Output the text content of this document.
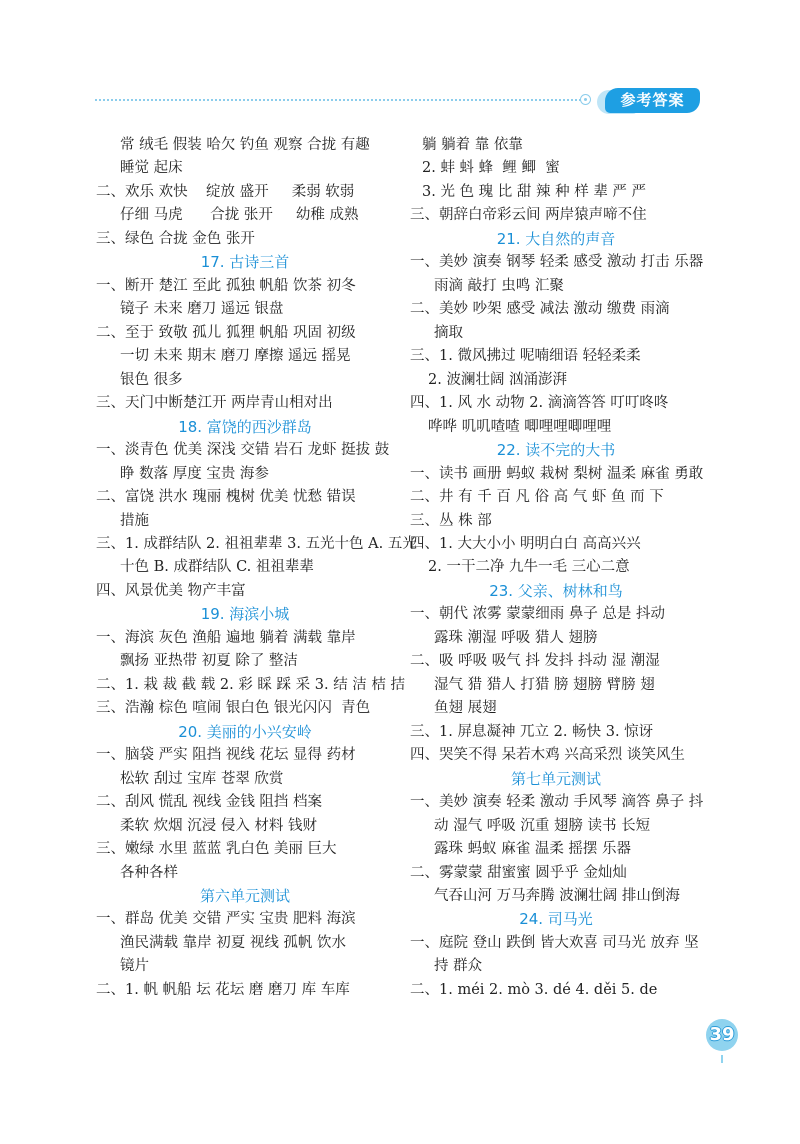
参考答案
常 绒毛 假装 哈欠 钓鱼 观察 合拢 有趣
睡觉 起床
二、欢乐 欢快    绽放 盛开     柔弱 软弱
仔细 马虎      合拢 张开     幼稚 成熟
三、绿色 合拢 金色 张开
17. 古诗三首
一、断开 楚江 至此 孤独 帆船 饮茶 初冬
镜子 未来 磨刀 遥远 银盘
二、至于 致敬 孤儿 狐狸 帆船 巩固 初级
一切 未来 期末 磨刀 摩擦 遥远 摇晃
银色 很多
三、天门中断楚江开 两岸青山相对出
18. 富饶的西沙群岛
一、淡青色 优美 深浅 交错 岩石 龙虾 挺拔 鼓
睁 数落 厚度 宝贵 海参
二、富饶 洪水 瑰丽 槐树 优美 忧愁 错误
措施
三、1. 成群结队 2. 祖祖辈辈 3. 五光十色 A. 五光
十色 B. 成群结队 C. 祖祖辈辈
四、风景优美 物产丰富
19. 海滨小城
一、海滨 灰色 渔船 遍地 躺着 满载 靠岸
飘扬 亚热带 初夏 除了 整洁
二、1. 栽 裁 截 载 2. 彩 睬 踩 采 3. 结 洁 桔 拮
三、浩瀚 棕色 喧闹 银白色 银光闪闪  青色
20. 美丽的小兴安岭
一、脑袋 严实 阻挡 视线 花坛 显得 药材
松软 刮过 宝库 苍翠 欣赏
二、刮风 慌乱 视线 金钱 阻挡 档案
柔软 炊烟 沉浸 侵入 材料 钱财
三、嫩绿 水里 蓝蓝 乳白色 美丽 巨大
各种各样
第六单元测试
一、群岛 优美 交错 严实 宝贵 肥料 海滨
渔民满载 靠岸 初夏 视线 孤帆 饮水
镜片
二、1. 帆 帆船 坛 花坛 磨 磨刀 库 车库
躺 躺着 靠 依靠
2. 蚌 蚪 蜂  鲤 鲫  蜜
3. 光 色 瑰 比 甜 辣 种 样 辈 严 严
三、朝辞白帝彩云间 两岸猿声啼不住
21. 大自然的声音
一、美妙 演奏 钢琴 轻柔 感受 激动 打击 乐器
雨滴 敲打 虫鸣 汇聚
二、美妙 吵架 感受 减法 激动 缴费 雨滴
摘取
三、1. 微风拂过 呢喃细语 轻轻柔柔
2. 波澜壮阔 汹涌澎湃
四、1. 风 水 动物 2. 滴滴答答 叮叮咚咚
哗哗 叽叽喳喳 唧哩哩唧哩哩
22. 读不完的大书
一、读书 画册 蚂蚁 栽树 梨树 温柔 麻雀 勇敢
二、井 有 千 百 凡 俗 高 气 虾 鱼 而 下
三、丛 株 部
四、1. 大大小小 明明白白 高高兴兴
2. 一干二净 九牛一毛 三心二意
23. 父亲、树林和鸟
一、朝代 浓雾 蒙蒙细雨 鼻子 总是 抖动
露珠 潮湿 呼吸 猎人 翅膀
二、吸 呼吸 吸气 抖 发抖 抖动 湿 潮湿
湿气 猎 猎人 打猎 膀 翅膀 臂膀 翅
鱼翅 展翅
三、1. 屏息凝神 兀立 2. 畅快 3. 惊讶
四、哭笑不得 呆若木鸡 兴高采烈 谈笑风生
第七单元测试
一、美妙 演奏 轻柔 激动 手风琴 滴答 鼻子 抖
动 湿气 呼吸 沉重 翅膀 读书 长短
露珠 蚂蚁 麻雀 温柔 摇摆 乐器
二、雾蒙蒙 甜蜜蜜 圆乎乎 金灿灿
气吞山河 万马奔腾 波澜壮阔 排山倒海
24. 司马光
一、庭院 登山 跌倒 皆大欢喜 司马光 放弃 坚
持 群众
二、1. méi 2. mò 3. dé 4. děi 5. de
39
